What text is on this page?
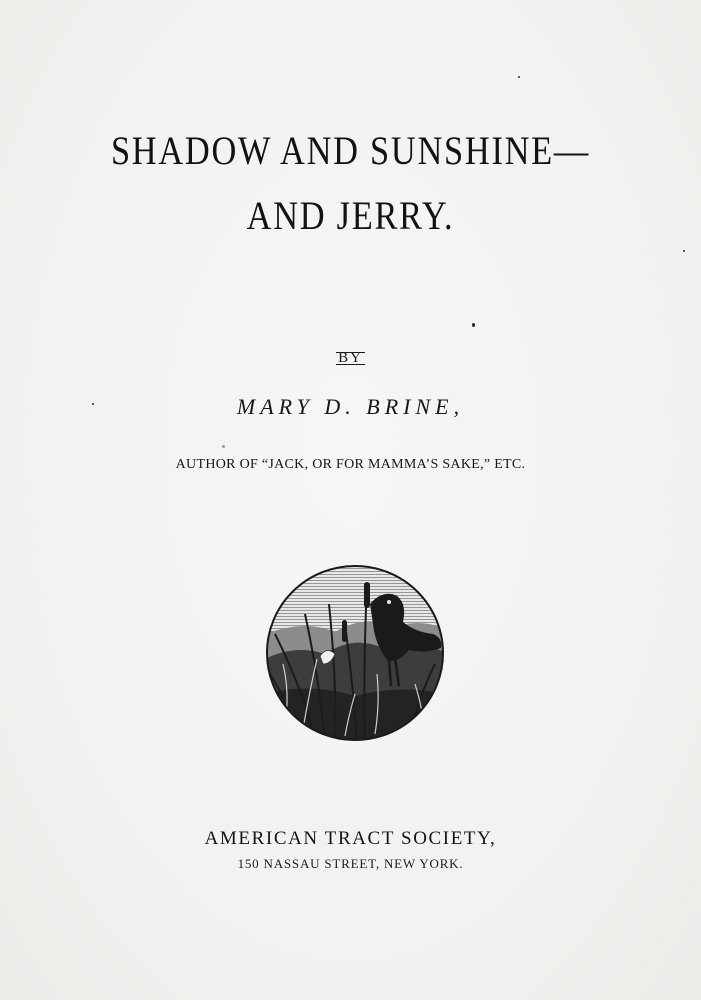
SHADOW AND SUNSHINE—
AND JERRY.
BY
MARY D. BRINE,
AUTHOR OF “JACK, OR FOR MAMMA’S SAKE,” ETC.
AMERICAN TRACT SOCIETY,
150 NASSAU STREET, NEW YORK.
